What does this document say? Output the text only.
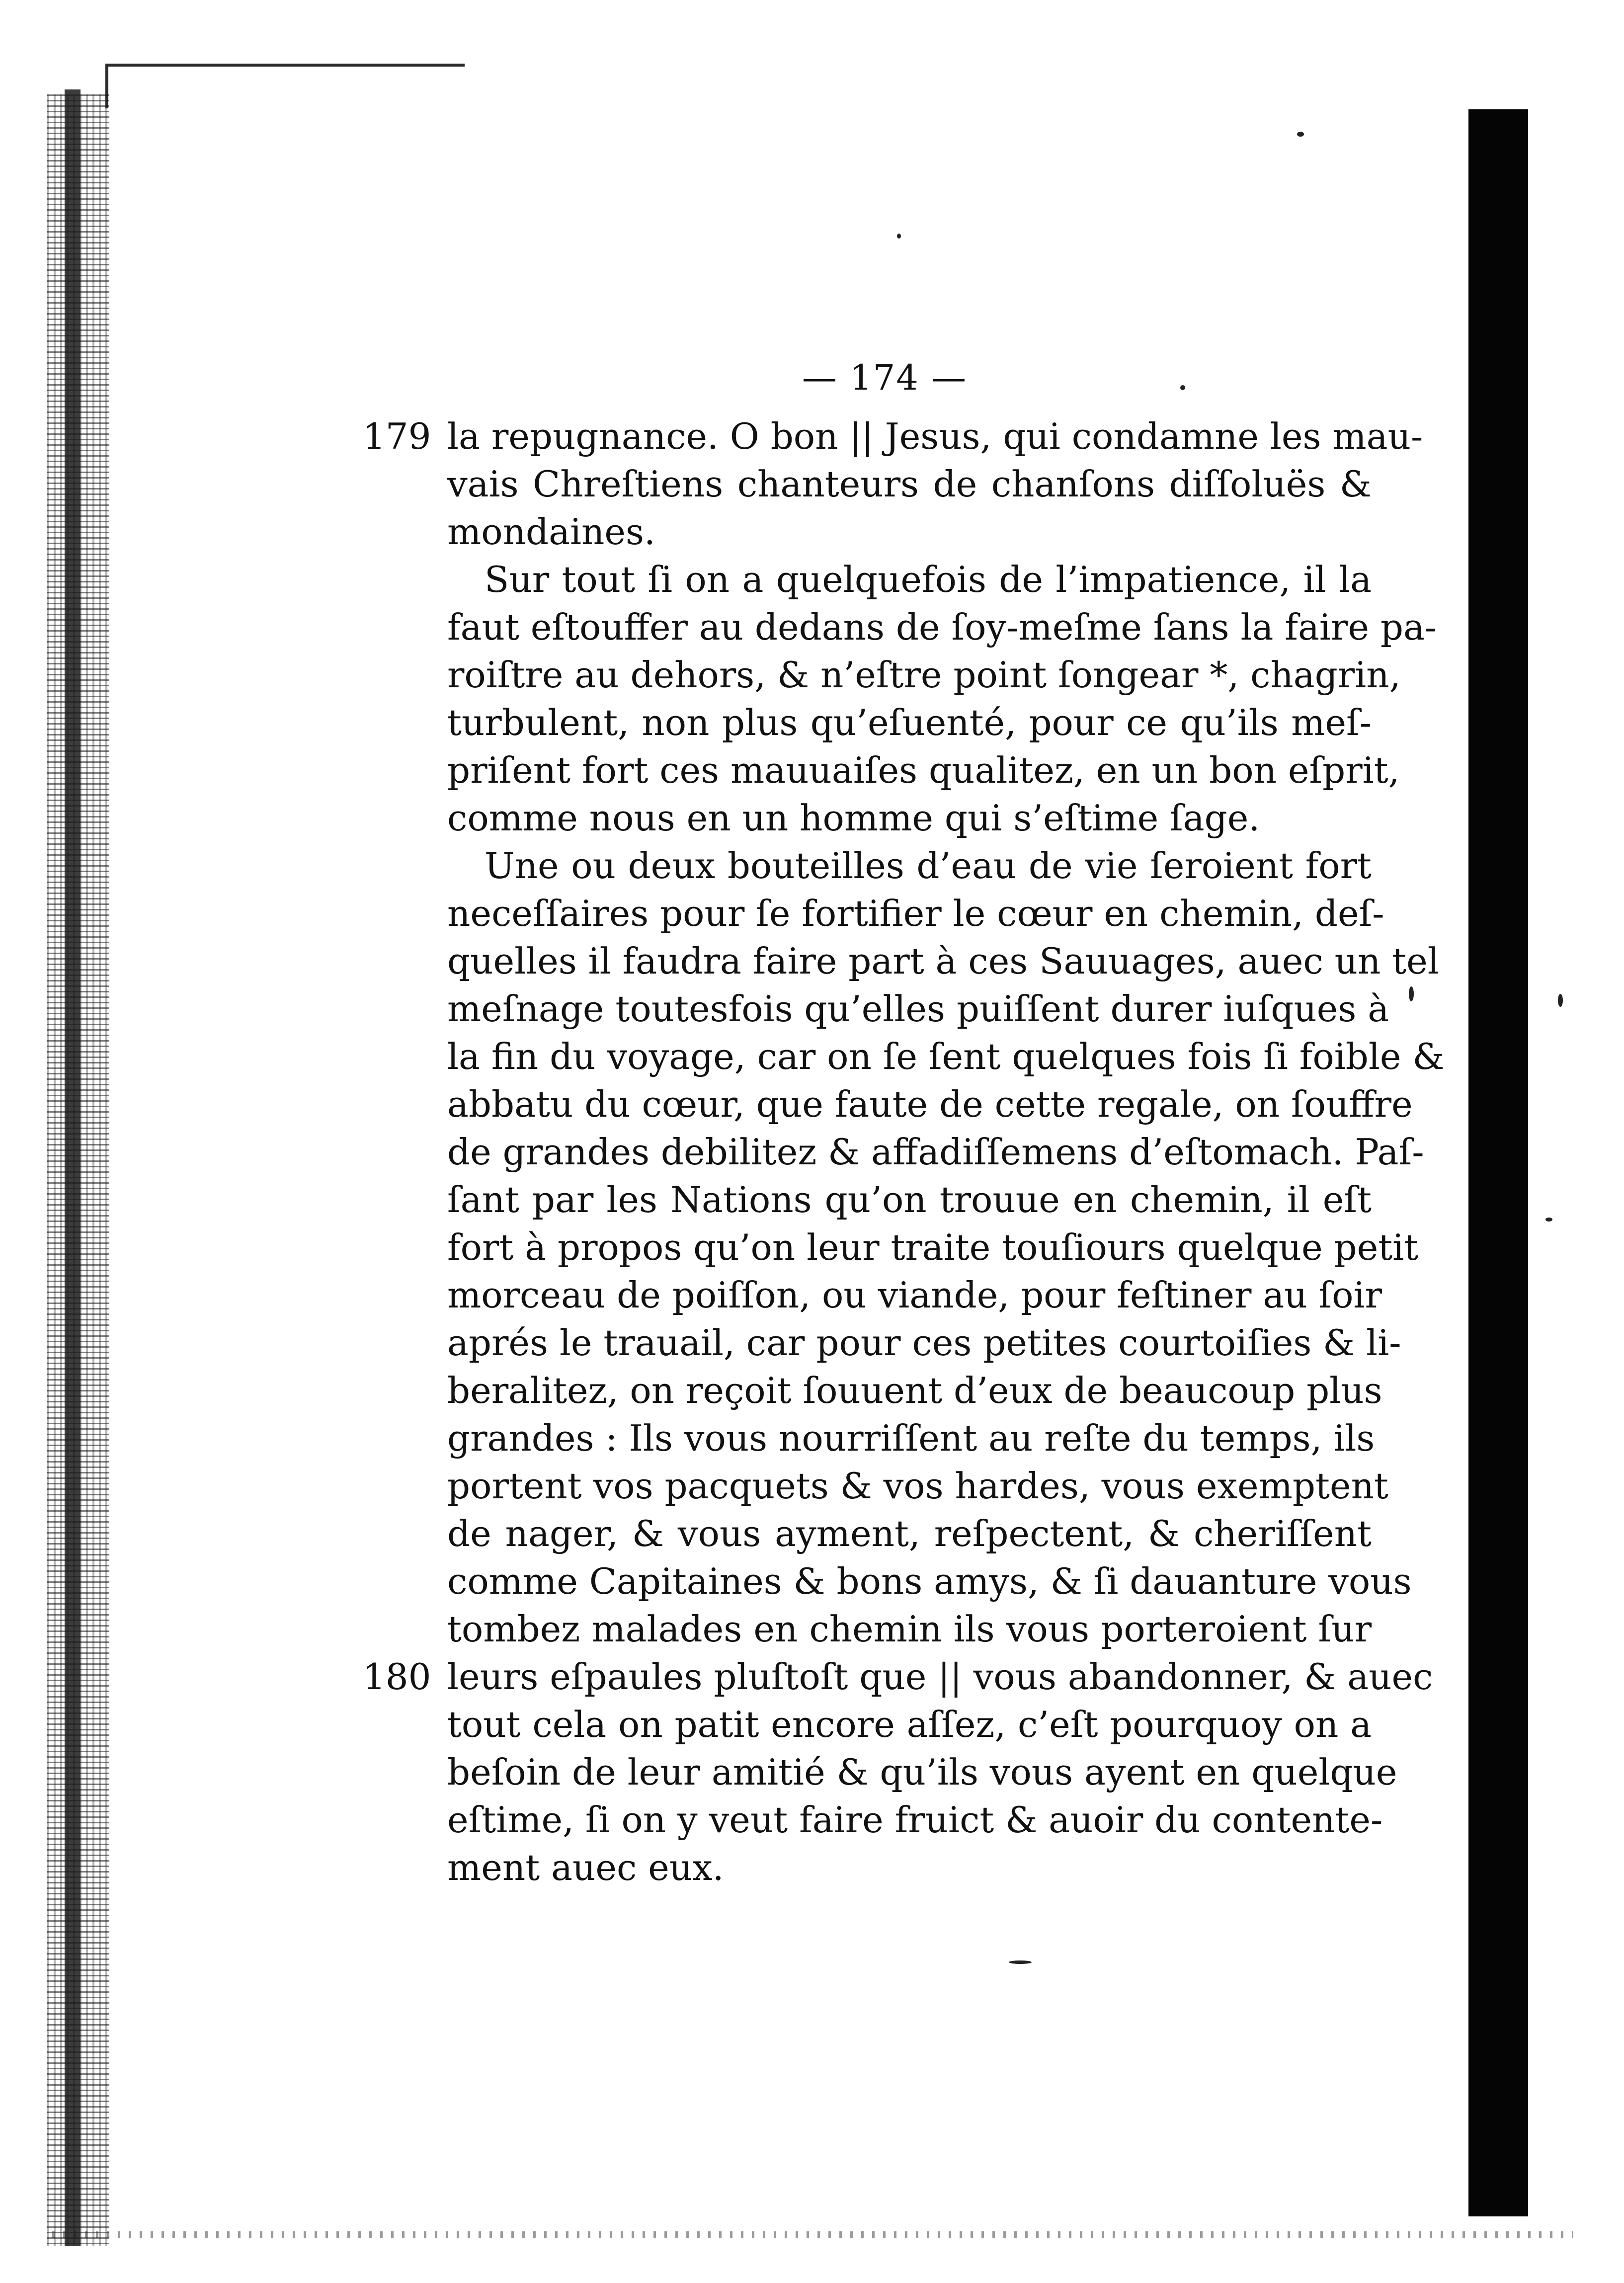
— 174 —
179 la repugnance. O bon || Jesus, qui condamne les mau-
vais Chreſtiens chanteurs de chanſons diſſoluës &
mondaines.
Sur tout ſi on a quelquefois de l’impatience, il la
faut eſtouffer au dedans de ſoy-meſme ſans la faire pa-
roiſtre au dehors, & n’eſtre point ſongear *, chagrin,
turbulent, non plus qu’eſuenté, pour ce qu’ils meſ-
priſent fort ces mauuaiſes qualitez, en un bon eſprit,
comme nous en un homme qui s’eſtime ſage.
Une ou deux bouteilles d’eau de vie ſeroient fort
neceſſaires pour ſe fortifier le cœur en chemin, deſ-
quelles il faudra faire part à ces Sauuages, auec un tel
meſnage toutesfois qu’elles puiſſent durer iuſques à
la fin du voyage, car on ſe ſent quelques fois ſi foible &
abbatu du cœur, que faute de cette regale, on ſouffre
de grandes debilitez & affadiſſemens d’eſtomach. Paſ-
ſant par les Nations qu’on trouue en chemin, il eſt
fort à propos qu’on leur traite touſiours quelque petit
morceau de poiſſon, ou viande, pour feſtiner au ſoir
aprés le trauail, car pour ces petites courtoiſies & li-
beralitez, on reçoit ſouuent d’eux de beaucoup plus
grandes : Ils vous nourriſſent au reſte du temps, ils
portent vos pacquets & vos hardes, vous exemptent
de nager, & vous ayment, reſpectent, & cheriſſent
comme Capitaines & bons amys, & ſi dauanture vous
tombez malades en chemin ils vous porteroient ſur
180 leurs eſpaules pluſtoſt que || vous abandonner, & auec
tout cela on patit encore aſſez, c’eſt pourquoy on a
beſoin de leur amitié & qu’ils vous ayent en quelque
eſtime, ſi on y veut faire fruict & auoir du contente-
ment auec eux.
